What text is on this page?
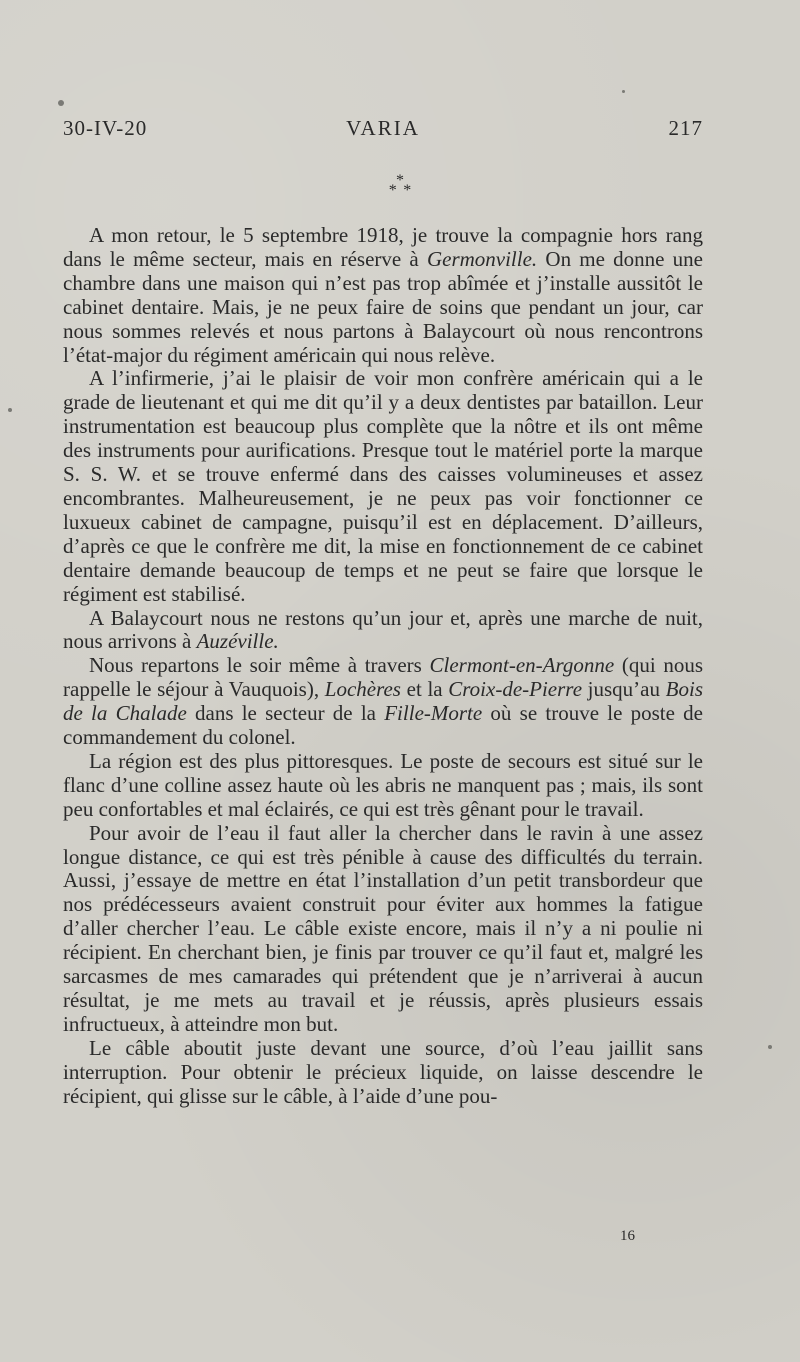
30-IV-20	VARIA	217
*
*   *

A mon retour, le 5 septembre 1918, je trouve la compagnie hors rang dans le même secteur, mais en réserve à Germonville. On me donne une chambre dans une maison qui n’est pas trop abîmée et j’installe aussitôt le cabinet dentaire. Mais, je ne peux faire de soins que pendant un jour, car nous sommes relevés et nous partons à Balaycourt où nous rencontrons l’état-major du régiment américain qui nous relève.

A l’infirmerie, j’ai le plaisir de voir mon confrère américain qui a le grade de lieutenant et qui me dit qu’il y a deux dentistes par bataillon. Leur instrumentation est beaucoup plus complète que la nôtre et ils ont même des instruments pour aurifications. Presque tout le matériel porte la marque S. S. W. et se trouve enfermé dans des caisses volumineuses et assez encombrantes. Malheureusement, je ne peux pas voir fonctionner ce luxueux cabinet de campagne, puisqu’il est en déplacement. D’ailleurs, d’après ce que le confrère me dit, la mise en fonctionnement de ce cabinet dentaire demande beaucoup de temps et ne peut se faire que lorsque le régiment est stabilisé.

A Balaycourt nous ne restons qu’un jour et, après une marche de nuit, nous arrivons à Auzéville.

Nous repartons le soir même à travers Clermont-en-Argonne (qui nous rappelle le séjour à Vauquois), Lochères et la Croix-de-Pierre jusqu’au Bois de la Chalade dans le secteur de la Fille-Morte où se trouve le poste de commandement du colonel.

La région est des plus pittoresques. Le poste de secours est situé sur le flanc d’une colline assez haute où les abris ne manquent pas ; mais, ils sont peu confortables et mal éclairés, ce qui est très gênant pour le travail.

Pour avoir de l’eau il faut aller la chercher dans le ravin à une assez longue distance, ce qui est très pénible à cause des difficultés du terrain. Aussi, j’essaye de mettre en état l’installation d’un petit transbordeur que nos prédécesseurs avaient construit pour éviter aux hommes la fatigue d’aller chercher l’eau. Le câble existe encore, mais il n’y a ni poulie ni récipient. En cherchant bien, je finis par trouver ce qu’il faut et, malgré les sarcasmes de mes camarades qui prétendent que je n’arriverai à aucun résultat, je me mets au travail et je réussis, après plusieurs essais infructueux, à atteindre mon but.

Le câble aboutit juste devant une source, d’où l’eau jaillit sans interruption. Pour obtenir le précieux liquide, on laisse descendre le récipient, qui glisse sur le câble, à l’aide d’une pou-

16
